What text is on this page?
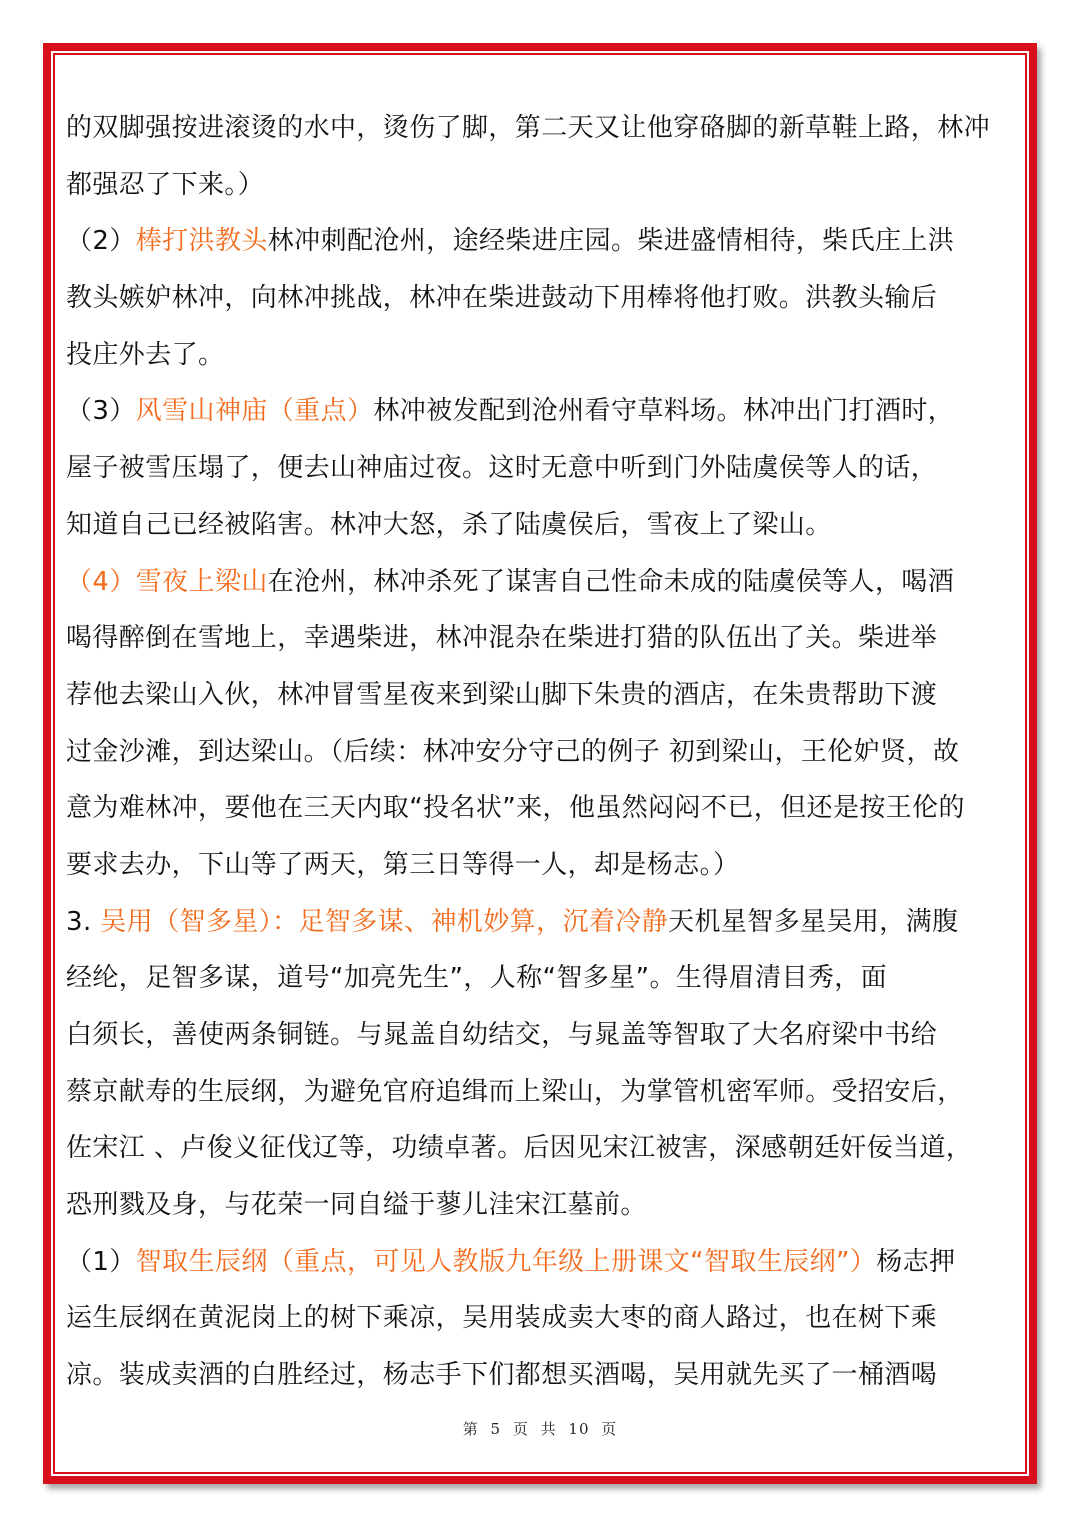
的双脚强按进滚烫的水中，烫伤了脚，第二天又让他穿硌脚的新草鞋上路，林冲
都强忍了下来。）
（2）棒打洪教头林冲刺配沧州，途经柴进庄园。柴进盛情相待，柴氏庄上洪
教头嫉妒林冲，向林冲挑战，林冲在柴进鼓动下用棒将他打败。洪教头输后
投庄外去了。
（3）风雪山神庙（重点）林冲被发配到沧州看守草料场。林冲出门打酒时，
屋子被雪压塌了，便去山神庙过夜。这时无意中听到门外陆虞侯等人的话，
知道自己已经被陷害。林冲大怒，杀了陆虞侯后，雪夜上了梁山。
（4）雪夜上梁山在沧州，林冲杀死了谋害自己性命未成的陆虞侯等人，喝酒
喝得醉倒在雪地上，幸遇柴进，林冲混杂在柴进打猎的队伍出了关。柴进举
荐他去梁山入伙，林冲冒雪星夜来到梁山脚下朱贵的酒店，在朱贵帮助下渡
过金沙滩，到达梁山。（后续：林冲安分守己的例子 初到梁山，王伦妒贤，故
意为难林冲，要他在三天内取“投名状”来，他虽然闷闷不已，但还是按王伦的
要求去办，下山等了两天，第三日等得一人，却是杨志。）
3. 吴用（智多星）：足智多谋、神机妙算，沉着冷静天机星智多星吴用，满腹
经纶，足智多谋，道号“加亮先生”，人称“智多星”。生得眉清目秀，面
白须长，善使两条铜链。与晁盖自幼结交，与晁盖等智取了大名府梁中书给
蔡京献寿的生辰纲，为避免官府追缉而上梁山，为掌管机密军师。受招安后，
佐宋江 、卢俊义征伐辽等，功绩卓著。后因见宋江被害，深感朝廷奸佞当道，
恐刑戮及身，与花荣一同自缢于蓼儿洼宋江墓前。
（1）智取生辰纲（重点，可见人教版九年级上册课文“智取生辰纲”）杨志押
运生辰纲在黄泥岗上的树下乘凉，吴用装成卖大枣的商人路过，也在树下乘
凉。装成卖酒的白胜经过，杨志手下们都想买酒喝，吴用就先买了一桶酒喝
第 5 页 共 10 页
